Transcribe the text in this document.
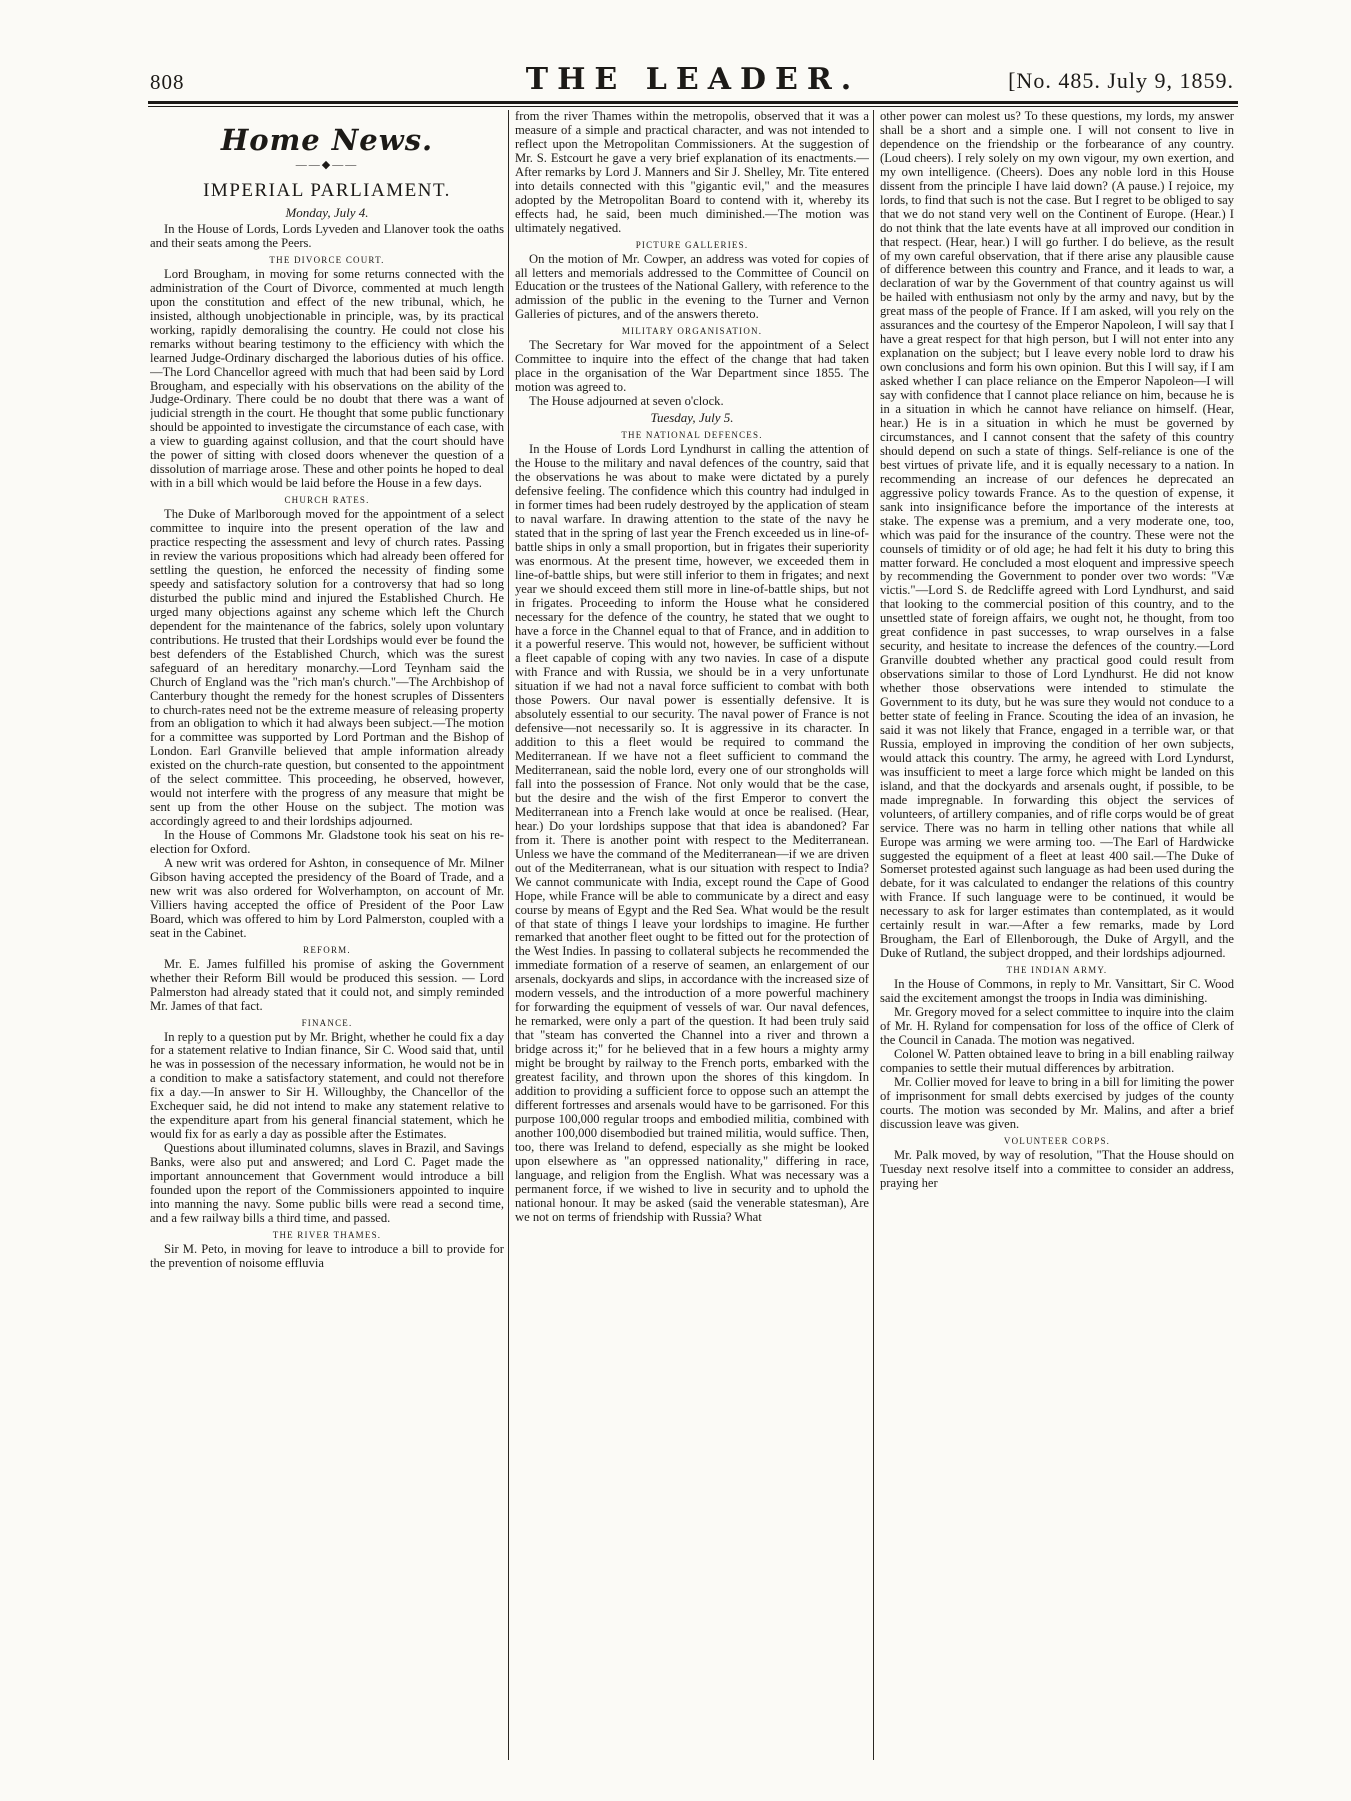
808	THE LEADER.	[No. 485. July 9, 1859.
Home News.
——◆——
IMPERIAL PARLIAMENT.
Monday, July 4.

In the House of Lords, Lords Lyveden and Llanover took the oaths and their seats among the Peers.

THE DIVORCE COURT.

Lord Brougham, in moving for some returns connected with the administration of the Court of Divorce, commented at much length upon the constitution and effect of the new tribunal, which, he insisted, although unobjectionable in principle, was, by its practical working, rapidly demoralising the country. He could not close his remarks without bearing testimony to the efficiency with which the learned Judge-Ordinary discharged the laborious duties of his office.—The Lord Chancellor agreed with much that had been said by Lord Brougham, and especially with his observations on the ability of the Judge-Ordinary. There could be no doubt that there was a want of judicial strength in the court. He thought that some public functionary should be appointed to investigate the circumstance of each case, with a view to guarding against collusion, and that the court should have the power of sitting with closed doors whenever the question of a dissolution of marriage arose. These and other points he hoped to deal with in a bill which would be laid before the House in a few days.

CHURCH RATES.

The Duke of Marlborough moved for the appointment of a select committee to inquire into the present operation of the law and practice respecting the assessment and levy of church rates. Passing in review the various propositions which had already been offered for settling the question, he enforced the necessity of finding some speedy and satisfactory solution for a controversy that had so long disturbed the public mind and injured the Established Church. He urged many objections against any scheme which left the Church dependent for the maintenance of the fabrics, solely upon voluntary contributions. He trusted that their Lordships would ever be found the best defenders of the Established Church, which was the surest safeguard of an hereditary monarchy.—Lord Teynham said the Church of England was the "rich man's church."—The Archbishop of Canterbury thought the remedy for the honest scruples of Dissenters to church-rates need not be the extreme measure of releasing property from an obligation to which it had always been subject.—The motion for a committee was supported by Lord Portman and the Bishop of London. Earl Granville believed that ample information already existed on the church-rate question, but consented to the appointment of the select committee. This proceeding, he observed, however, would not interfere with the progress of any measure that might be sent up from the other House on the subject. The motion was accordingly agreed to and their lordships adjourned.

In the House of Commons Mr. Gladstone took his seat on his re-election for Oxford.

A new writ was ordered for Ashton, in consequence of Mr. Milner Gibson having accepted the presidency of the Board of Trade, and a new writ was also ordered for Wolverhampton, on account of Mr. Villiers having accepted the office of President of the Poor Law Board, which was offered to him by Lord Palmerston, coupled with a seat in the Cabinet.

REFORM.

Mr. E. James fulfilled his promise of asking the Government whether their Reform Bill would be produced this session. — Lord Palmerston had already stated that it could not, and simply reminded Mr. James of that fact.

FINANCE.

In reply to a question put by Mr. Bright, whether he could fix a day for a statement relative to Indian finance, Sir C. Wood said that, until he was in possession of the necessary information, he would not be in a condition to make a satisfactory statement, and could not therefore fix a day.—In answer to Sir H. Willoughby, the Chancellor of the Exchequer said, he did not intend to make any statement relative to the expenditure apart from his general financial statement, which he would fix for as early a day as possible after the Estimates.

Questions about illuminated columns, slaves in Brazil, and Savings Banks, were also put and answered; and Lord C. Paget made the important announcement that Government would introduce a bill founded upon the report of the Commissioners appointed to inquire into manning the navy. Some public bills were read a second time, and a few railway bills a third time, and passed.

THE RIVER THAMES.

Sir M. Peto, in moving for leave to introduce a bill to provide for the prevention of noisome effluvia

from the river Thames within the metropolis, observed that it was a measure of a simple and practical character, and was not intended to reflect upon the Metropolitan Commissioners. At the suggestion of Mr. S. Estcourt he gave a very brief explanation of its enactments.—After remarks by Lord J. Manners and Sir J. Shelley, Mr. Tite entered into details connected with this "gigantic evil," and the measures adopted by the Metropolitan Board to contend with it, whereby its effects had, he said, been much diminished.—The motion was ultimately negatived.

PICTURE GALLERIES.

On the motion of Mr. Cowper, an address was voted for copies of all letters and memorials addressed to the Committee of Council on Education or the trustees of the National Gallery, with reference to the admission of the public in the evening to the Turner and Vernon Galleries of pictures, and of the answers thereto.

MILITARY ORGANISATION.

The Secretary for War moved for the appointment of a Select Committee to inquire into the effect of the change that had taken place in the organisation of the War Department since 1855. The motion was agreed to.

The House adjourned at seven o'clock.

Tuesday, July 5.
THE NATIONAL DEFENCES.

In the House of Lords Lord Lyndhurst in calling the attention of the House to the military and naval defences of the country, said that the observations he was about to make were dictated by a purely defensive feeling. The confidence which this country had indulged in in former times had been rudely destroyed by the application of steam to naval warfare. In drawing attention to the state of the navy he stated that in the spring of last year the French exceeded us in line-of-battle ships in only a small proportion, but in frigates their superiority was enormous. At the present time, however, we exceeded them in line-of-battle ships, but were still inferior to them in frigates; and next year we should exceed them still more in line-of-battle ships, but not in frigates. Proceeding to inform the House what he considered necessary for the defence of the country, he stated that we ought to have a force in the Channel equal to that of France, and in addition to it a powerful reserve. This would not, however, be sufficient without a fleet capable of coping with any two navies. In case of a dispute with France and with Russia, we should be in a very unfortunate situation if we had not a naval force sufficient to combat with both those Powers. Our naval power is essentially defensive. It is absolutely essential to our security. The naval power of France is not defensive—not necessarily so. It is aggressive in its character. In addition to this a fleet would be required to command the Mediterranean. If we have not a fleet sufficient to command the Mediterranean, said the noble lord, every one of our strongholds will fall into the possession of France. Not only would that be the case, but the desire and the wish of the first Emperor to convert the Mediterranean into a French lake would at once be realised. (Hear, hear.) Do your lordships suppose that that idea is abandoned? Far from it. There is another point with respect to the Mediterranean. Unless we have the command of the Mediterranean—if we are driven out of the Mediterranean, what is our situation with respect to India? We cannot communicate with India, except round the Cape of Good Hope, while France will be able to communicate by a direct and easy course by means of Egypt and the Red Sea. What would be the result of that state of things I leave your lordships to imagine. He further remarked that another fleet ought to be fitted out for the protection of the West Indies. In passing to collateral subjects he recommended the immediate formation of a reserve of seamen, an enlargement of our arsenals, dockyards and slips, in accordance with the increased size of modern vessels, and the introduction of a more powerful machinery for forwarding the equipment of vessels of war. Our naval defences, he remarked, were only a part of the question. It had been truly said that "steam has converted the Channel into a river and thrown a bridge across it;" for he believed that in a few hours a mighty army might be brought by railway to the French ports, embarked with the greatest facility, and thrown upon the shores of this kingdom. In addition to providing a sufficient force to oppose such an attempt the different fortresses and arsenals would have to be garrisoned. For this purpose 100,000 regular troops and embodied militia, combined with another 100,000 disembodied but trained militia, would suffice. Then, too, there was Ireland to defend, especially as she might be looked upon elsewhere as "an oppressed nationality," differing in race, language, and religion from the English. What was necessary was a permanent force, if we wished to live in security and to uphold the national honour. It may be asked (said the venerable statesman), Are we not on terms of friendship with Russia? What

other power can molest us? To these questions, my lords, my answer shall be a short and a simple one. I will not consent to live in dependence on the friendship or the forbearance of any country. (Loud cheers). I rely solely on my own vigour, my own exertion, and my own intelligence. (Cheers). Does any noble lord in this House dissent from the principle I have laid down? (A pause.) I rejoice, my lords, to find that such is not the case. But I regret to be obliged to say that we do not stand very well on the Continent of Europe. (Hear.) I do not think that the late events have at all improved our condition in that respect. (Hear, hear.) I will go further. I do believe, as the result of my own careful observation, that if there arise any plausible cause of difference between this country and France, and it leads to war, a declaration of war by the Government of that country against us will be hailed with enthusiasm not only by the army and navy, but by the great mass of the people of France. If I am asked, will you rely on the assurances and the courtesy of the Emperor Napoleon, I will say that I have a great respect for that high person, but I will not enter into any explanation on the subject; but I leave every noble lord to draw his own conclusions and form his own opinion. But this I will say, if I am asked whether I can place reliance on the Emperor Napoleon—I will say with confidence that I cannot place reliance on him, because he is in a situation in which he cannot have reliance on himself. (Hear, hear.) He is in a situation in which he must be governed by circumstances, and I cannot consent that the safety of this country should depend on such a state of things. Self-reliance is one of the best virtues of private life, and it is equally necessary to a nation. In recommending an increase of our defences he deprecated an aggressive policy towards France. As to the question of expense, it sank into insignificance before the importance of the interests at stake. The expense was a premium, and a very moderate one, too, which was paid for the insurance of the country. These were not the counsels of timidity or of old age; he had felt it his duty to bring this matter forward. He concluded a most eloquent and impressive speech by recommending the Government to ponder over two words: "Væ victis."—Lord S. de Redcliffe agreed with Lord Lyndhurst, and said that looking to the commercial position of this country, and to the unsettled state of foreign affairs, we ought not, he thought, from too great confidence in past successes, to wrap ourselves in a false security, and hesitate to increase the defences of the country.—Lord Granville doubted whether any practical good could result from observations similar to those of Lord Lyndhurst. He did not know whether those observations were intended to stimulate the Government to its duty, but he was sure they would not conduce to a better state of feeling in France. Scouting the idea of an invasion, he said it was not likely that France, engaged in a terrible war, or that Russia, employed in improving the condition of her own subjects, would attack this country. The army, he agreed with Lord Lyndurst, was insufficient to meet a large force which might be landed on this island, and that the dockyards and arsenals ought, if possible, to be made impregnable. In forwarding this object the services of volunteers, of artillery companies, and of rifle corps would be of great service. There was no harm in telling other nations that while all Europe was arming we were arming too. —The Earl of Hardwicke suggested the equipment of a fleet at least 400 sail.—The Duke of Somerset protested against such language as had been used during the debate, for it was calculated to endanger the relations of this country with France. If such language were to be continued, it would be necessary to ask for larger estimates than contemplated, as it would certainly result in war.—After a few remarks, made by Lord Brougham, the Earl of Ellenborough, the Duke of Argyll, and the Duke of Rutland, the subject dropped, and their lordships adjourned.

THE INDIAN ARMY.

In the House of Commons, in reply to Mr. Vansittart, Sir C. Wood said the excitement amongst the troops in India was diminishing.

Mr. Gregory moved for a select committee to inquire into the claim of Mr. H. Ryland for compensation for loss of the office of Clerk of the Council in Canada. The motion was negatived.

Colonel W. Patten obtained leave to bring in a bill enabling railway companies to settle their mutual differences by arbitration.

Mr. Collier moved for leave to bring in a bill for limiting the power of imprisonment for small debts exercised by judges of the county courts. The motion was seconded by Mr. Malins, and after a brief discussion leave was given.

VOLUNTEER CORPS.

Mr. Palk moved, by way of resolution, "That the House should on Tuesday next resolve itself into a committee to consider an address, praying her
